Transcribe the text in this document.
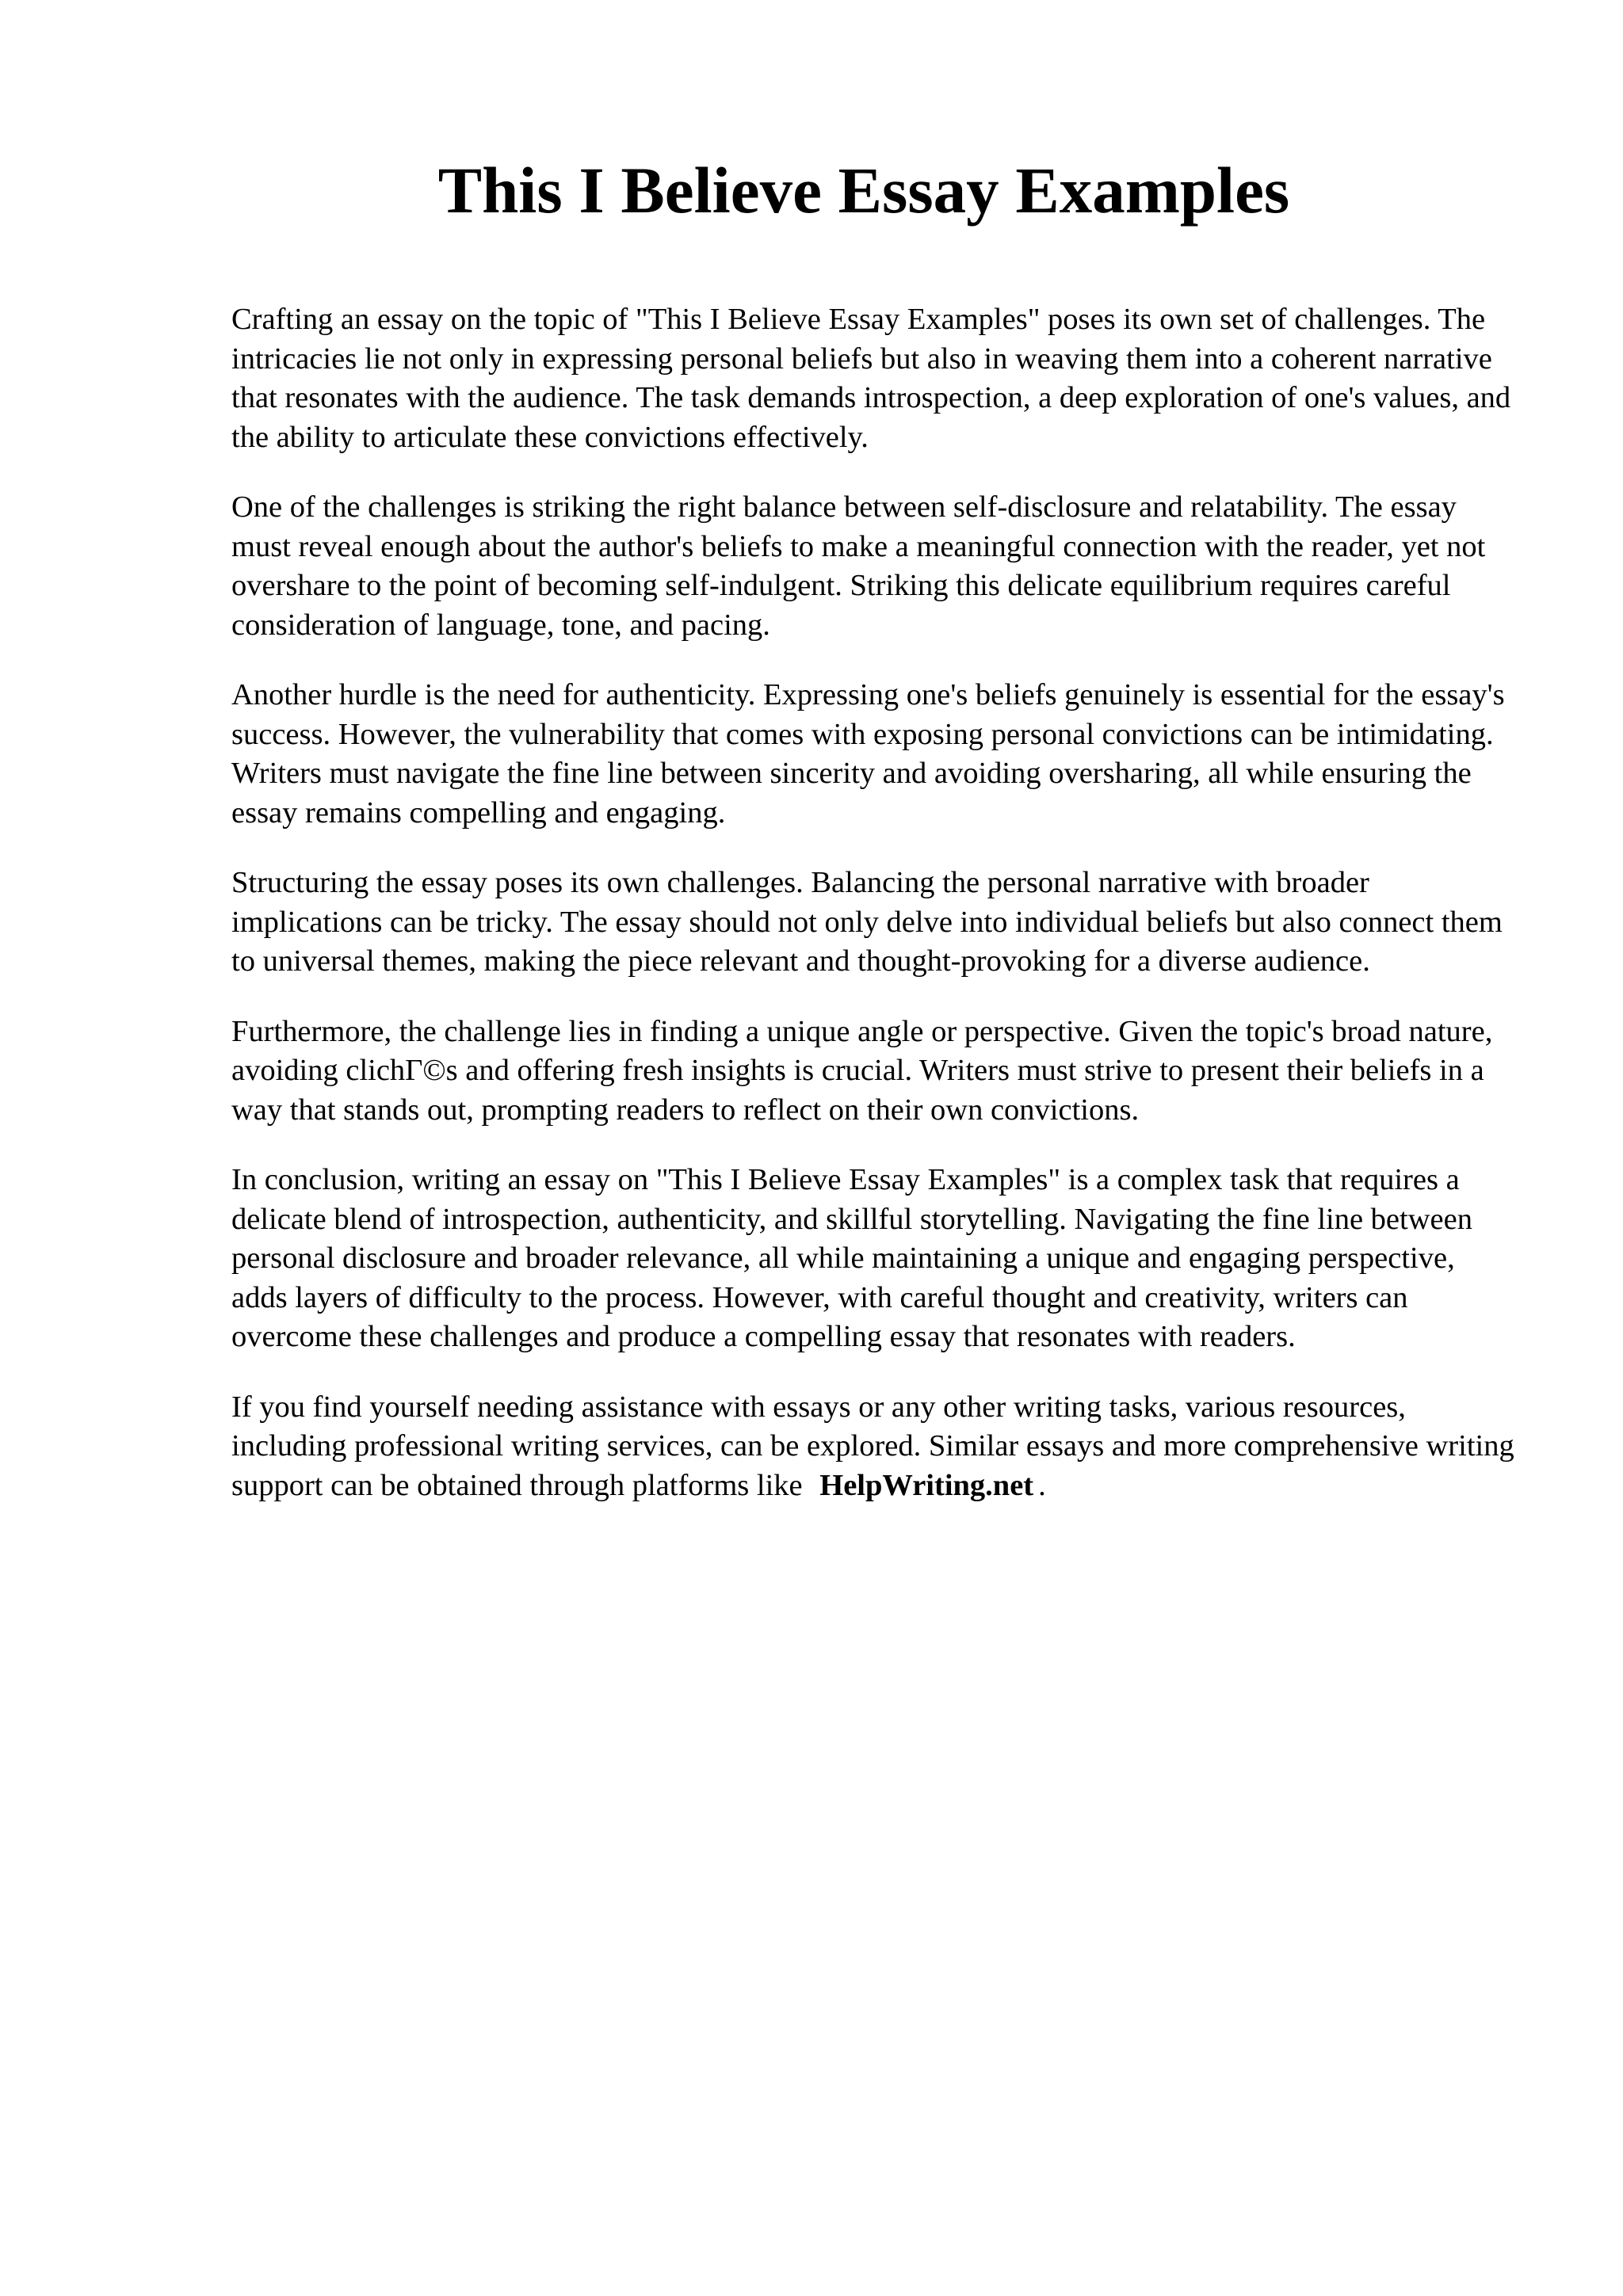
This I Believe Essay Examples

Crafting an essay on the topic of "This I Believe Essay Examples" poses its own set of challenges. The intricacies lie not only in expressing personal beliefs but also in weaving them into a coherent narrative that resonates with the audience. The task demands introspection, a deep exploration of one's values, and the ability to articulate these convictions effectively.

One of the challenges is striking the right balance between self-disclosure and relatability. The essay must reveal enough about the author's beliefs to make a meaningful connection with the reader, yet not overshare to the point of becoming self-indulgent. Striking this delicate equilibrium requires careful consideration of language, tone, and pacing.

Another hurdle is the need for authenticity. Expressing one's beliefs genuinely is essential for the essay's success. However, the vulnerability that comes with exposing personal convictions can be intimidating. Writers must navigate the fine line between sincerity and avoiding oversharing, all while ensuring the essay remains compelling and engaging.

Structuring the essay poses its own challenges. Balancing the personal narrative with broader implications can be tricky. The essay should not only delve into individual beliefs but also connect them to universal themes, making the piece relevant and thought-provoking for a diverse audience.

Furthermore, the challenge lies in finding a unique angle or perspective. Given the topic's broad nature, avoiding clichГ©s and offering fresh insights is crucial. Writers must strive to present their beliefs in a way that stands out, prompting readers to reflect on their own convictions.

In conclusion, writing an essay on "This I Believe Essay Examples" is a complex task that requires a delicate blend of introspection, authenticity, and skillful storytelling. Navigating the fine line between personal disclosure and broader relevance, all while maintaining a unique and engaging perspective, adds layers of difficulty to the process. However, with careful thought and creativity, writers can overcome these challenges and produce a compelling essay that resonates with readers.

If you find yourself needing assistance with essays or any other writing tasks, various resources, including professional writing services, can be explored. Similar essays and more comprehensive writing support can be obtained through platforms like HelpWriting.net .
